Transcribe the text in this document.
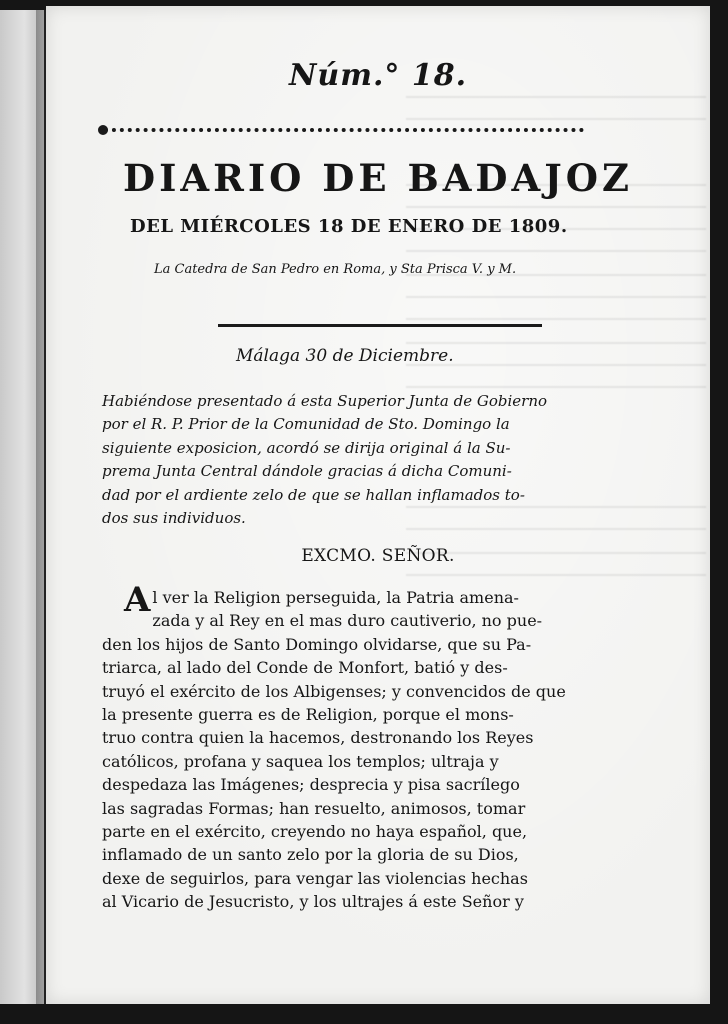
Núm.° 18.
DIARIO DE BADAJOZ
DEL MIÉRCOLES 18 DE ENERO DE 1809.
La Catedra de San Pedro en Roma, y Sta Prisca V. y M.
Málaga 30 de Diciembre.
Habiéndose presentado á esta Superior Junta de Gobierno
por el R. P. Prior de la Comunidad de Sto. Domingo la
siguiente exposicion, acordó se dirija original á la Su-
prema Junta Central dándole gracias á dicha Comuni-
dad por el ardiente zelo de que se hallan inflamados to-
dos sus individuos.
EXCMO. SEÑOR.
A l ver la Religion perseguida, la Patria amena-
zada y al Rey en el mas duro cautiverio, no pue-
den los hijos de Santo Domingo olvidarse, que su Pa-
triarca, al lado del Conde de Monfort, batió y des-
truyó el exército de los Albigenses; y convencidos de que
la presente guerra es de Religion, porque el mons-
truo contra quien la hacemos, destronando los Reyes
católicos, profana y saquea los templos; ultraja y
despedaza las Imágenes; desprecia y pisa sacrílego
las sagradas Formas; han resuelto, animosos, tomar
parte en el exército, creyendo no haya español, que,
inflamado de un santo zelo por la gloria de su Dios,
dexe de seguirlos, para vengar las violencias hechas
al Vicario de Jesucristo, y los ultrajes á este Señor y
